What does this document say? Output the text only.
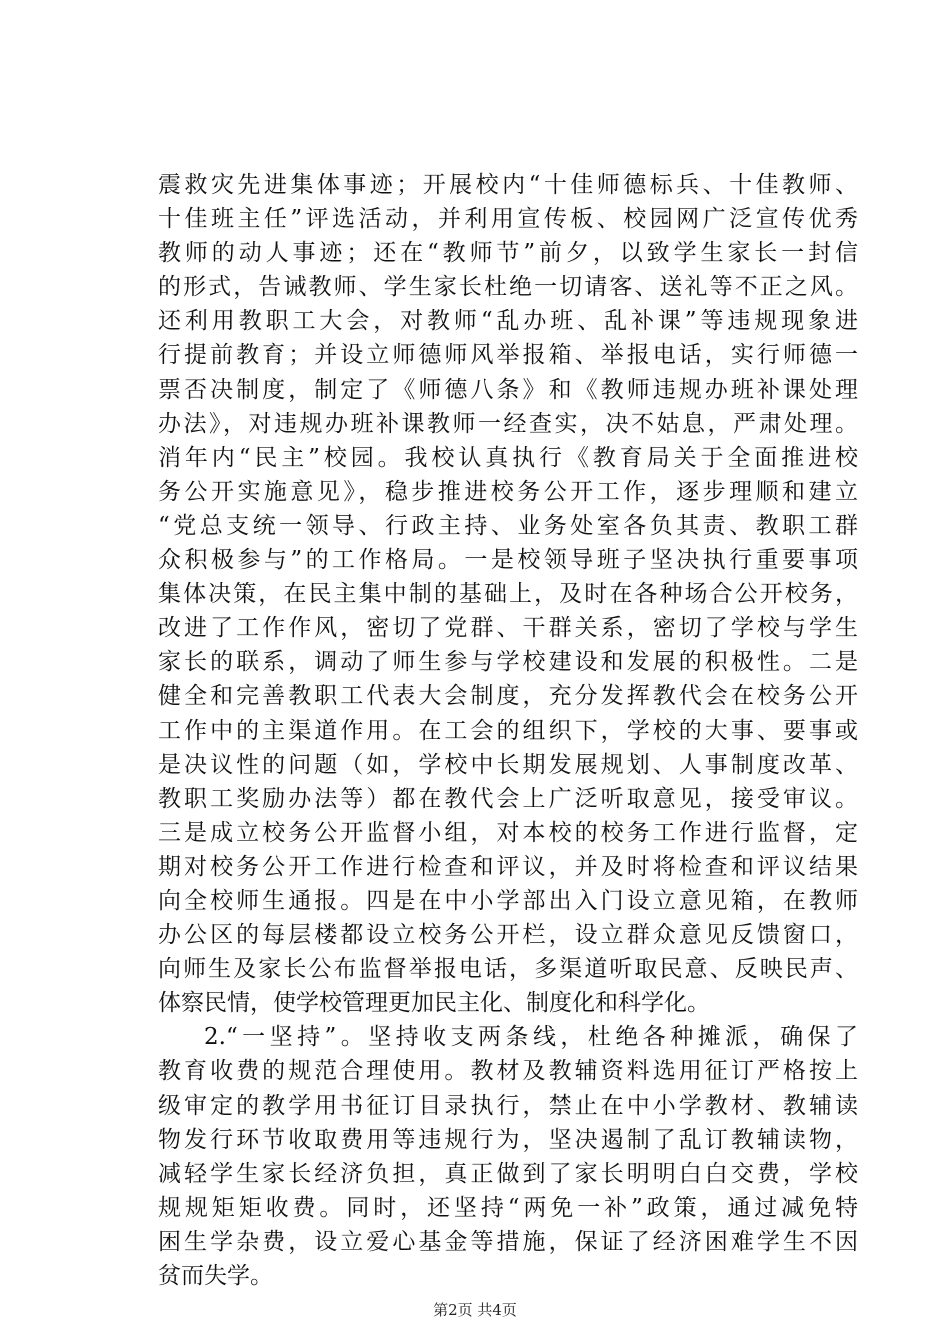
震救灾先进集体事迹；开展校内“十佳师德标兵、十佳教师、
十佳班主任”评选活动，并利用宣传板、校园网广泛宣传优秀
教师的动人事迹；还在“教师节”前夕，以致学生家长一封信
的形式，告诫教师、学生家长杜绝一切请客、送礼等不正之风。
还利用教职工大会，对教师“乱办班、乱补课”等违规现象进
行提前教育；并设立师德师风举报箱、举报电话，实行师德一
票否决制度，制定了《师德八条》和《教师违规办班补课处理
办法》，对违规办班补课教师一经查实，决不姑息，严肃处理。
消年内“民主”校园。我校认真执行《教育局关于全面推进校
务公开实施意见》，稳步推进校务公开工作，逐步理顺和建立
“党总支统一领导、行政主持、业务处室各负其责、教职工群
众积极参与”的工作格局。一是校领导班子坚决执行重要事项
集体决策，在民主集中制的基础上，及时在各种场合公开校务，
改进了工作作风，密切了党群、干群关系，密切了学校与学生
家长的联系，调动了师生参与学校建设和发展的积极性。二是
健全和完善教职工代表大会制度，充分发挥教代会在校务公开
工作中的主渠道作用。在工会的组织下，学校的大事、要事或
是决议性的问题（如，学校中长期发展规划、人事制度改革、
教职工奖励办法等）都在教代会上广泛听取意见，接受审议。
三是成立校务公开监督小组，对本校的校务工作进行监督，定
期对校务公开工作进行检查和评议，并及时将检查和评议结果
向全校师生通报。四是在中小学部出入门设立意见箱，在教师
办公区的每层楼都设立校务公开栏，设立群众意见反馈窗口，
向师生及家长公布监督举报电话，多渠道听取民意、反映民声、
体察民情，使学校管理更加民主化、制度化和科学化。
2.“一坚持”。坚持收支两条线，杜绝各种摊派，确保了
教育收费的规范合理使用。教材及教辅资料选用征订严格按上
级审定的教学用书征订目录执行，禁止在中小学教材、教辅读
物发行环节收取费用等违规行为，坚决遏制了乱订教辅读物，
减轻学生家长经济负担，真正做到了家长明明白白交费，学校
规规矩矩收费。同时，还坚持“两免一补”政策，通过减免特
困生学杂费，设立爱心基金等措施，保证了经济困难学生不因
贫而失学。
第2页 共4页
